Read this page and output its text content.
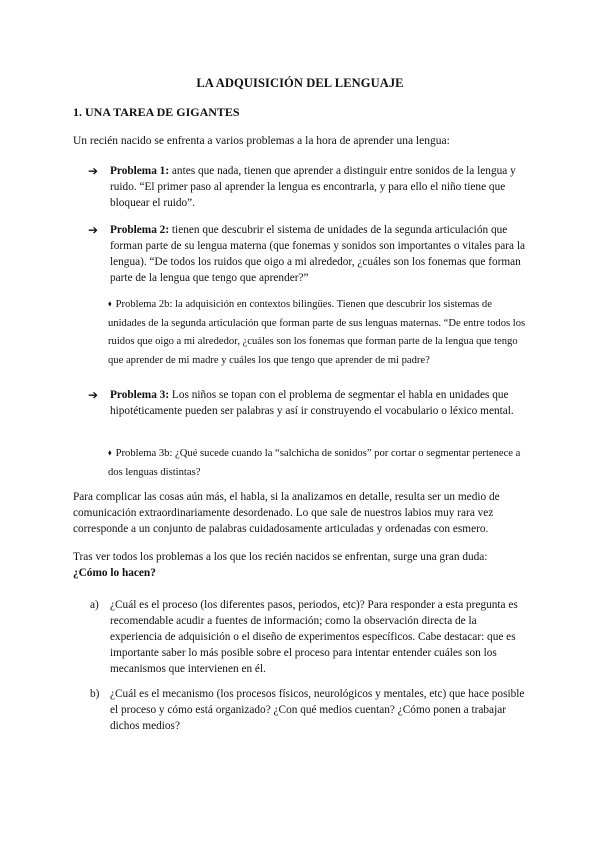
LA ADQUISICIÓN DEL LENGUAJE
1. UNA TAREA DE GIGANTES
Un recién nacido se enfrenta a varios problemas a la hora de aprender una lengua:
➔ Problema 1: antes que nada, tienen que aprender a distinguir entre sonidos de la lengua y ruido. “El primer paso al aprender la lengua es encontrarla, y para ello el niño tiene que bloquear el ruido”.
➔ Problema 2: tienen que descubrir el sistema de unidades de la segunda articulación que forman parte de su lengua materna (que fonemas y sonidos son importantes o vitales para la lengua). “De todos los ruidos que oigo a mi alrededor, ¿cuáles son los fonemas que forman parte de la lengua que tengo que aprender?”
⬧ Problema 2b: la adquisición en contextos bilingües. Tienen que descubrir los sistemas de unidades de la segunda articulación que forman parte de sus lenguas maternas. “De entre todos los ruidos que oigo a mi alrededor, ¿cuáles son los fonemas que forman parte de la lengua que tengo que aprender de mi madre y cuáles los que tengo que aprender de mi padre?
➔ Problema 3: Los niños se topan con el problema de segmentar el habla en unidades que hipotéticamente pueden ser palabras y así ir construyendo el vocabulario o léxico mental.
⬧ Problema 3b: ¿Qué sucede cuando la “salchicha de sonidos” por cortar o segmentar pertenece a dos lenguas distintas?
Para complicar las cosas aún más, el habla, si la analizamos en detalle, resulta ser un medio de comunicación extraordinariamente desordenado. Lo que sale de nuestros labios muy rara vez corresponde a un conjunto de palabras cuidadosamente articuladas y ordenadas con esmero.
Tras ver todos los problemas a los que los recién nacidos se enfrentan, surge una gran duda:
¿Cómo lo hacen?
a) ¿Cuál es el proceso (los diferentes pasos, periodos, etc)? Para responder a esta pregunta es recomendable acudir a fuentes de información; como la observación directa de la experiencia de adquisición o el diseño de experimentos específicos. Cabe destacar: que es importante saber lo más posible sobre el proceso para intentar entender cuáles son los mecanismos que intervienen en él.
b) ¿Cuál es el mecanismo (los procesos físicos, neurológicos y mentales, etc) que hace posible el proceso y cómo está organizado? ¿Con qué medios cuentan? ¿Cómo ponen a trabajar dichos medios?
